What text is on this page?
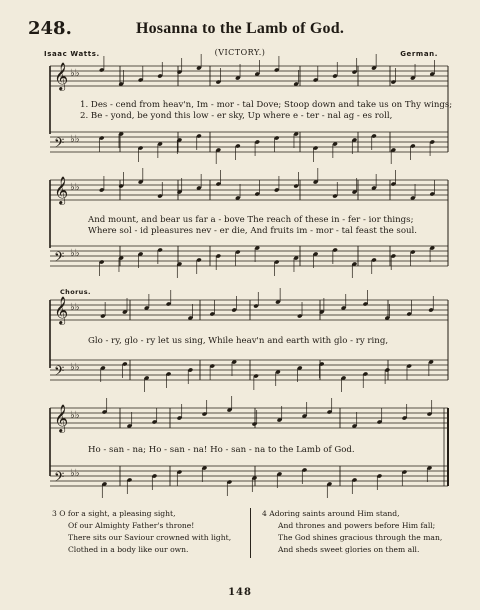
248.	Hosanna to the Lamb of God.
Isaac Watts.	(VICTORY.)	German.
𝄞 ♭♭
𝄢 ♭♭
𝄞 ♭♭
𝄢 ♭♭
𝄞 ♭♭
𝄢 ♭♭
𝄞 ♭♭
𝄢 ♭♭
1. Des - cend from heav'n, Im - mor - tal Dove; Stoop down and take us on Thy wings;
2. Be - yond, be yond this low - er sky, Up where e - ter - nal ag - es roll,
And mount, and bear us far a - bove The reach of these in - fer - ior things;
Where sol - id pleasures nev - er die, And fruits im - mor - tal feast the soul.
Chorus.
Glo - ry, glo - ry let us sing, While heav'n and earth with glo - ry ring,
Ho - san - na; Ho - san - na! Ho - san - na to the Lamb of God.
3 O for a sight, a pleasing sight,
Of our Almighty Father's throne!
There sits our Saviour crowned with light,
Clothed in a body like our own.
4 Adoring saints around Him stand,
And thrones and powers before Him fall;
The God shines gracious through the man,
And sheds sweet glories on them all.
148
